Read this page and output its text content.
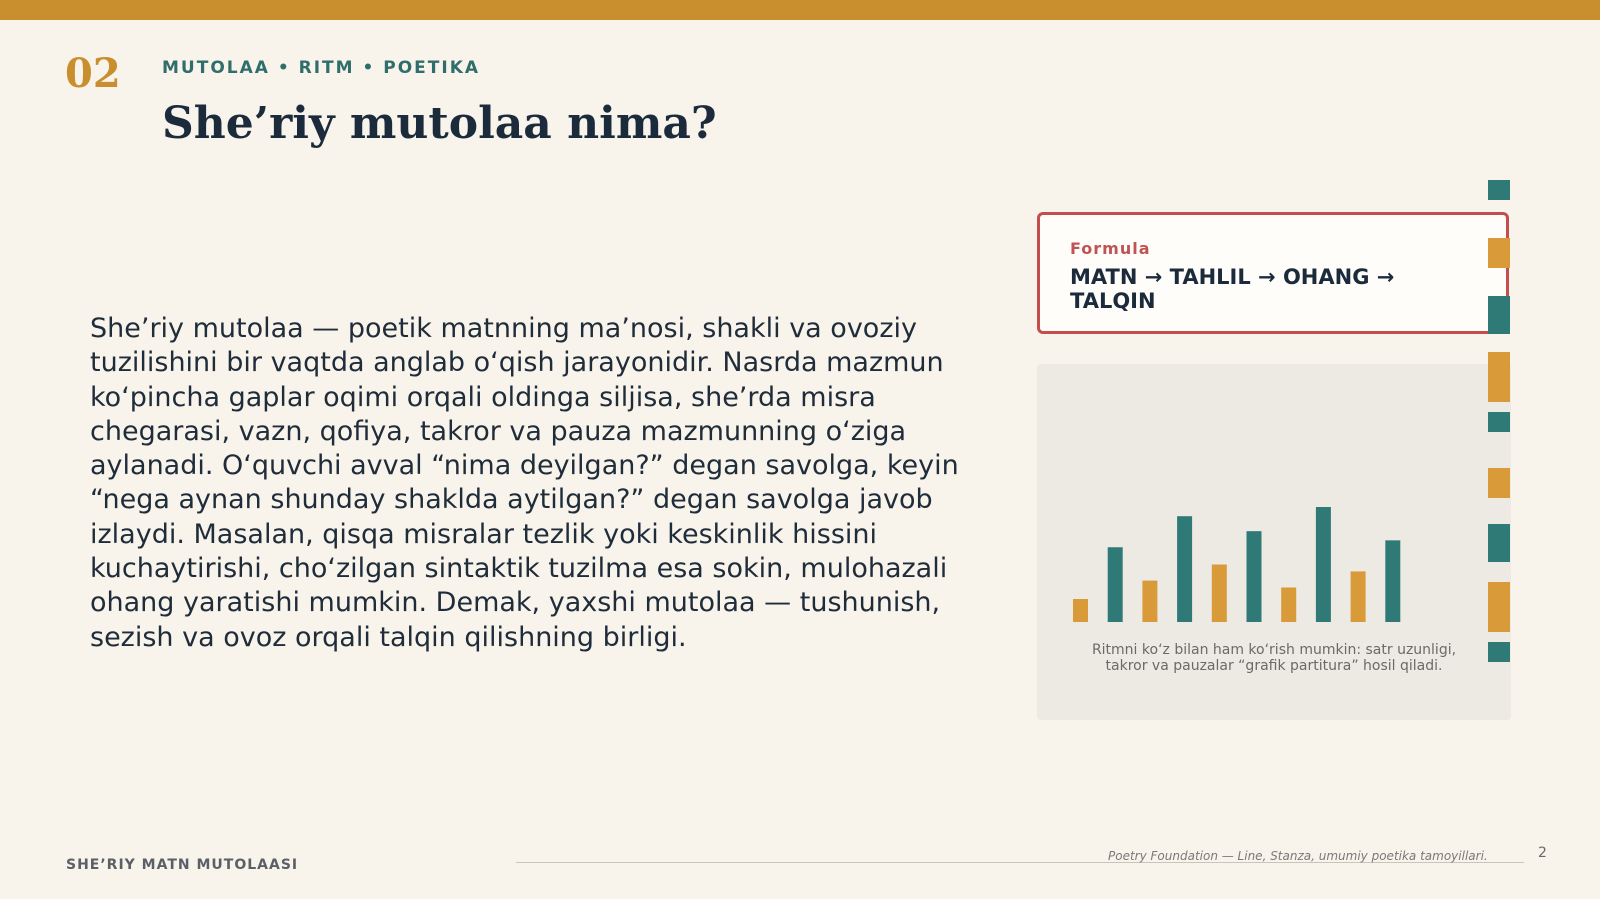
02 MUTOLAA • RITM • POETIKA
She’riy mutolaa nima?

She’riy mutolaa — poetik matnning ma’nosi, shakli va ovoziy tuzilishini bir vaqtda anglab o‘qish jarayonidir. Nasrda mazmun ko‘pincha gaplar oqimi orqali oldinga siljisa, she’rda misra chegarasi, vazn, qofiya, takror va pauza mazmunning o‘ziga aylanadi. O‘quvchi avval “nima deyilgan?” degan savolga, keyin “nega aynan shunday shaklda aytilgan?” degan savolga javob izlaydi. Masalan, qisqa misralar tezlik yoki keskinlik hissini kuchaytirishi, cho‘zilgan sintaktik tuzilma esa sokin, mulohazali ohang yaratishi mumkin. Demak, yaxshi mutolaa — tushunish, sezish va ovoz orqali talqin qilishning birligi.

Formula
MATN → TAHLIL → OHANG → TALQIN

Ritmni ko‘z bilan ham ko‘rish mumkin: satr uzunligi, takror va pauzalar “grafik partitura” hosil qiladi.

SHE’RIY MATN MUTOLAASI
Poetry Foundation — Line, Stanza, umumiy poetika tamoyillari.	2
